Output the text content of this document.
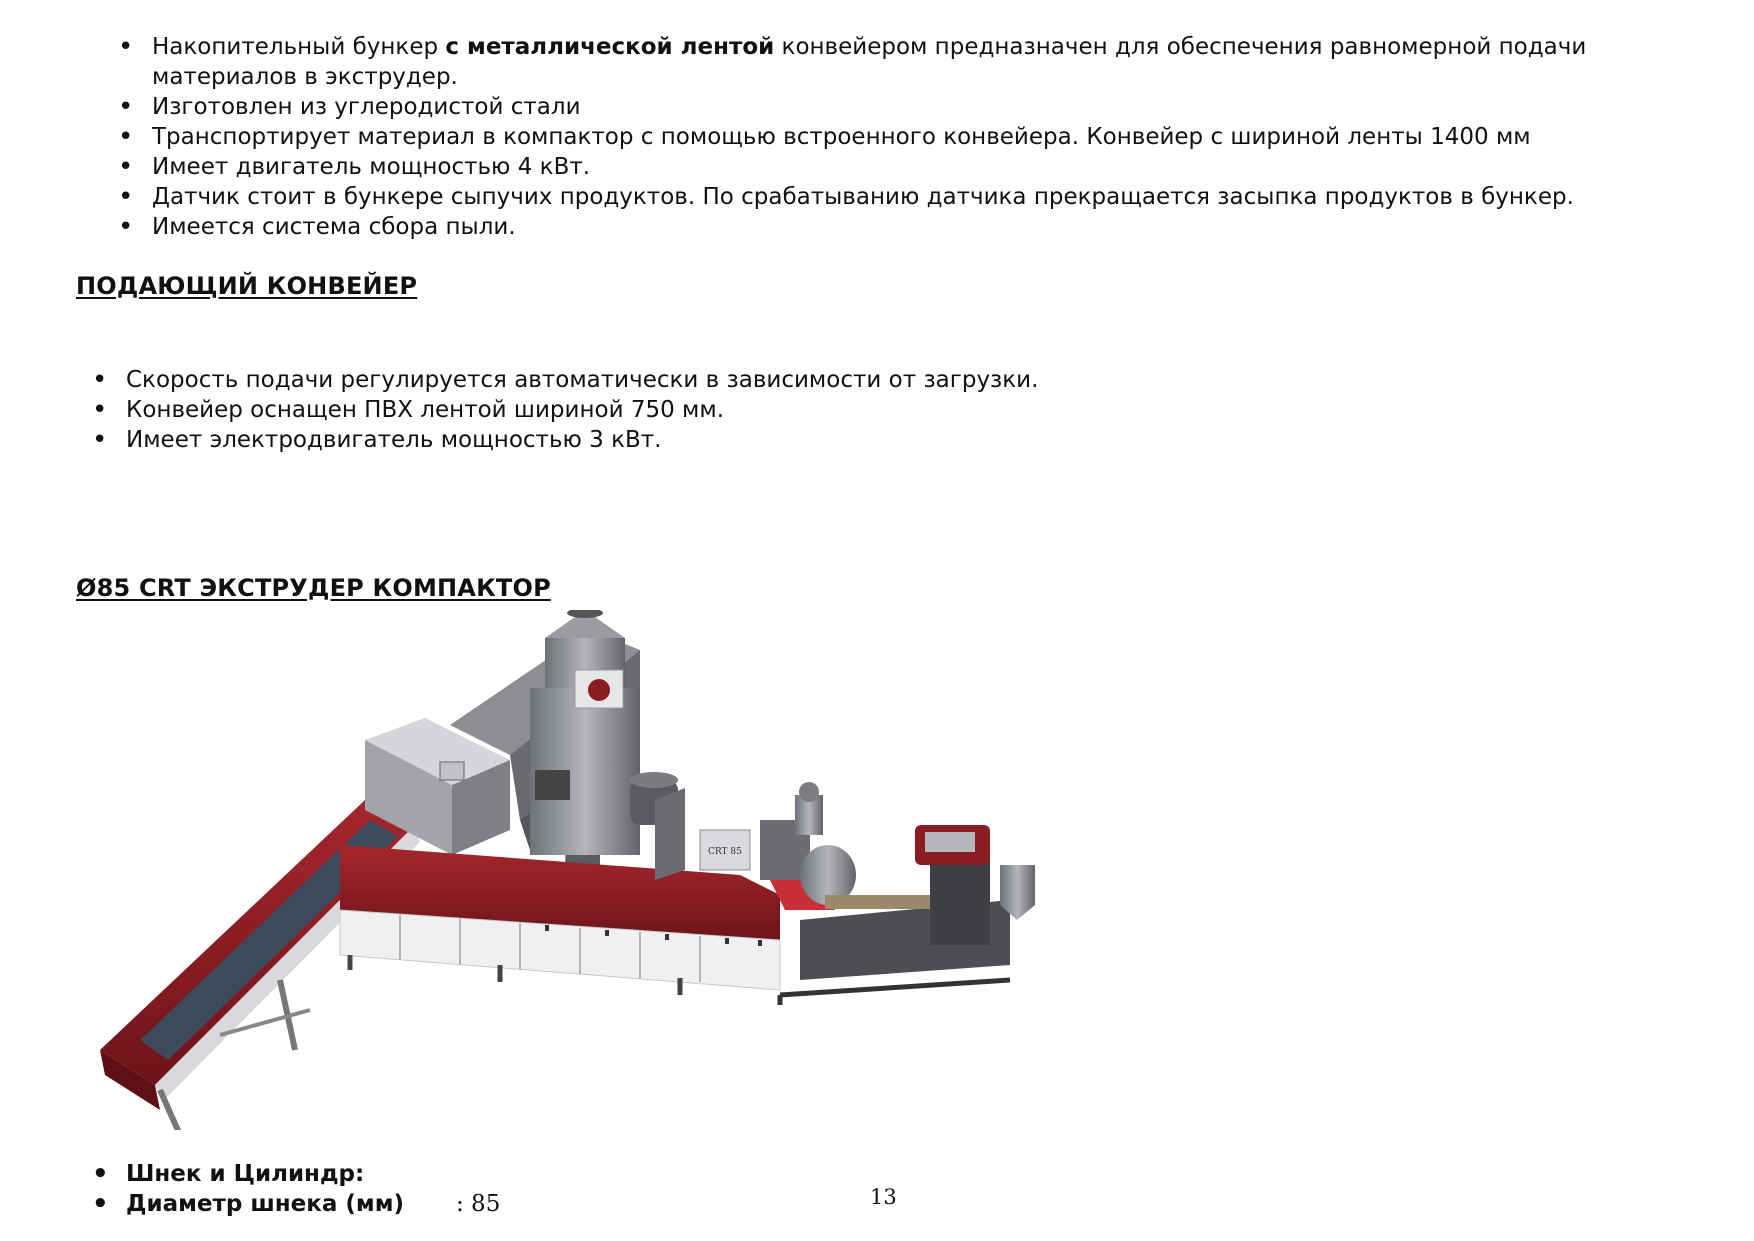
• Накопительный бункер с металлической лентой конвейером предназначен для обеспечения равномерной подачи материалов в экструдер.
• Изготовлен из углеродистой стали
• Транспортирует материал в компактор с помощью встроенного конвейера. Конвейер с шириной ленты 1400 мм
• Имеет двигатель мощностью 4 кВт.
• Датчик стоит в бункере сыпучих продуктов. По срабатыванию датчика прекращается засыпка продуктов в бункер.
• Имеется система сбора пыли.
ПОДАЮЩИЙ КОНВЕЙЕР
• Скорость подачи регулируется автоматически в зависимости от загрузки.
• Конвейер оснащен ПВХ лентой шириной 750 мм.
• Имеет электродвигатель мощностью 3 кВт.
Ø85 CRT ЭКСТРУДЕР КОМПАКТОР
CRT 85
• Шнек и Цилиндр:
• Диаметр шнека (мм) : 85	13
